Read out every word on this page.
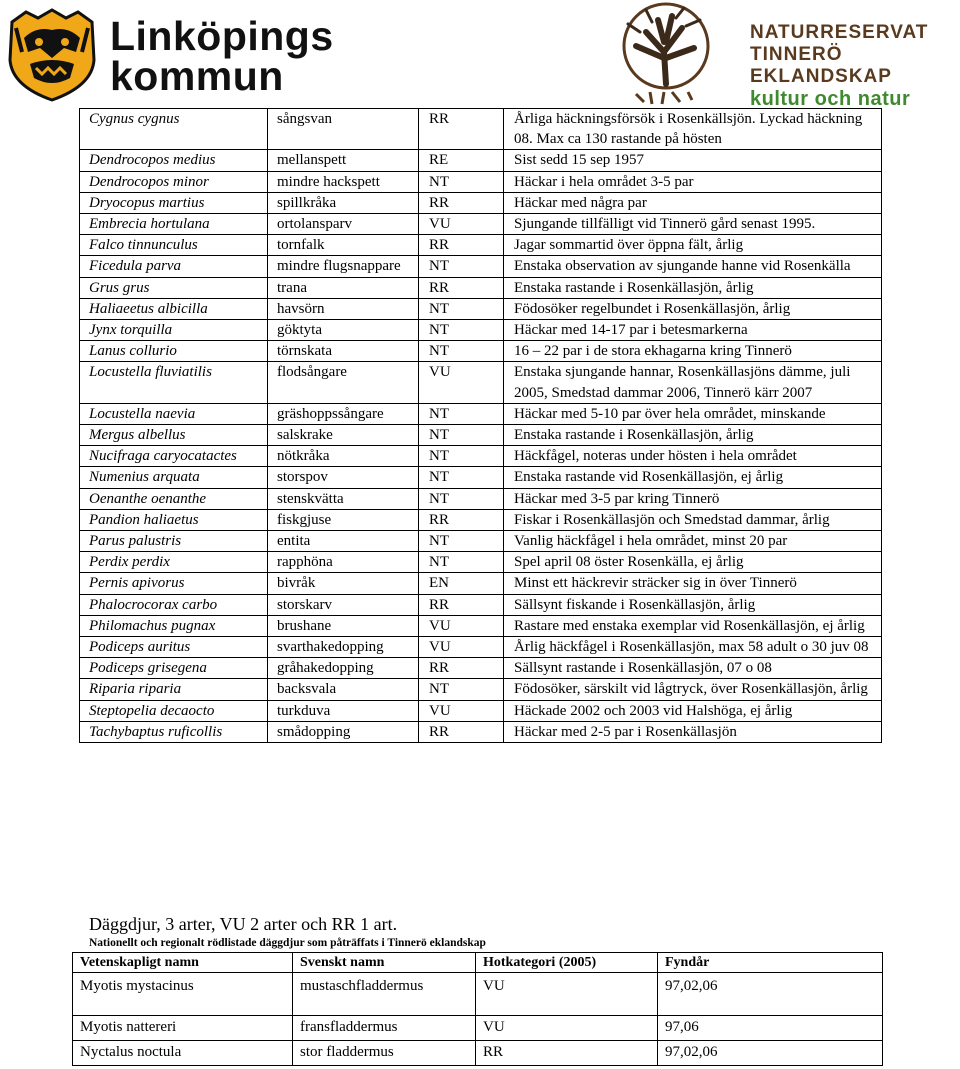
Linköpings
kommun
NATURRESERVAT
TINNERÖ EKLANDSKAP
kultur och natur
Cygnus cygnus	sångsvan	RR	Årliga häckningsförsök i Rosenkällsjön. Lyckad häckning 08. Max ca 130 rastande på hösten
Dendrocopos medius	mellanspett	RE	Sist sedd 15 sep 1957
Dendrocopos minor	mindre hackspett	NT	Häckar i hela området 3-5 par
Dryocopus martius	spillkråka	RR	Häckar med några par
Embrecia hortulana	ortolansparv	VU	Sjungande tillfälligt vid Tinnerö gård senast 1995.
Falco tinnunculus	tornfalk	RR	Jagar sommartid över öppna fält, årlig
Ficedula parva	mindre flugsnappare	NT	Enstaka observation av sjungande hanne vid Rosenkälla
Grus grus	trana	RR	Enstaka rastande i Rosenkällasjön, årlig
Haliaeetus albicilla	havsörn	NT	Födosöker regelbundet i Rosenkällasjön, årlig
Jynx torquilla	göktyta	NT	Häckar med 14-17 par i betesmarkerna
Lanus collurio	törnskata	NT	16 – 22 par i de stora ekhagarna kring Tinnerö
Locustella fluviatilis	flodsångare	VU	Enstaka sjungande hannar, Rosenkällasjöns dämme, juli 2005, Smedstad dammar 2006, Tinnerö kärr 2007
Locustella naevia	gräshoppssångare	NT	Häckar med 5-10 par över hela området, minskande
Mergus albellus	salskrake	NT	Enstaka rastande i Rosenkällasjön, årlig
Nucifraga caryocatactes	nötkråka	NT	Häckfågel, noteras under hösten i hela området
Numenius arquata	storspov	NT	Enstaka rastande vid Rosenkällasjön, ej årlig
Oenanthe oenanthe	stenskvätta	NT	Häckar med 3-5 par kring Tinnerö
Pandion haliaetus	fiskgjuse	RR	Fiskar i Rosenkällasjön och Smedstad dammar, årlig
Parus palustris	entita	NT	Vanlig häckfågel i hela området, minst 20 par
Perdix perdix	rapphöna	NT	Spel april 08 öster Rosenkälla, ej årlig
Pernis apivorus	bivråk	EN	Minst ett häckrevir sträcker sig in över Tinnerö
Phalocrocorax carbo	storskarv	RR	Sällsynt fiskande i Rosenkällasjön, årlig
Philomachus pugnax	brushane	VU	Rastare med enstaka exemplar vid Rosenkällasjön, ej årlig
Podiceps auritus	svarthakedopping	VU	Årlig häckfågel i Rosenkällasjön, max 58 adult o 30 juv 08
Podiceps grisegena	gråhakedopping	RR	Sällsynt rastande i Rosenkällasjön, 07 o 08
Riparia riparia	backsvala	NT	Födosöker, särskilt vid lågtryck, över Rosenkällasjön, årlig
Steptopelia decaocto	turkduva	VU	Häckade 2002 och 2003 vid Halshöga, ej årlig
Tachybaptus ruficollis	smådopping	RR	Häckar med 2-5 par i Rosenkällasjön
Däggdjur, 3 arter, VU 2 arter och RR 1 art.
Nationellt och regionalt rödlistade däggdjur som påträffats i Tinnerö eklandskap
Vetenskapligt namn	Svenskt namn	Hotkategori (2005)	Fyndår
Myotis mystacinus	mustaschfladdermus	VU	97,02,06
Myotis nattereri	fransfladdermus	VU	97,06
Nyctalus noctula	stor fladdermus	RR	97,02,06
